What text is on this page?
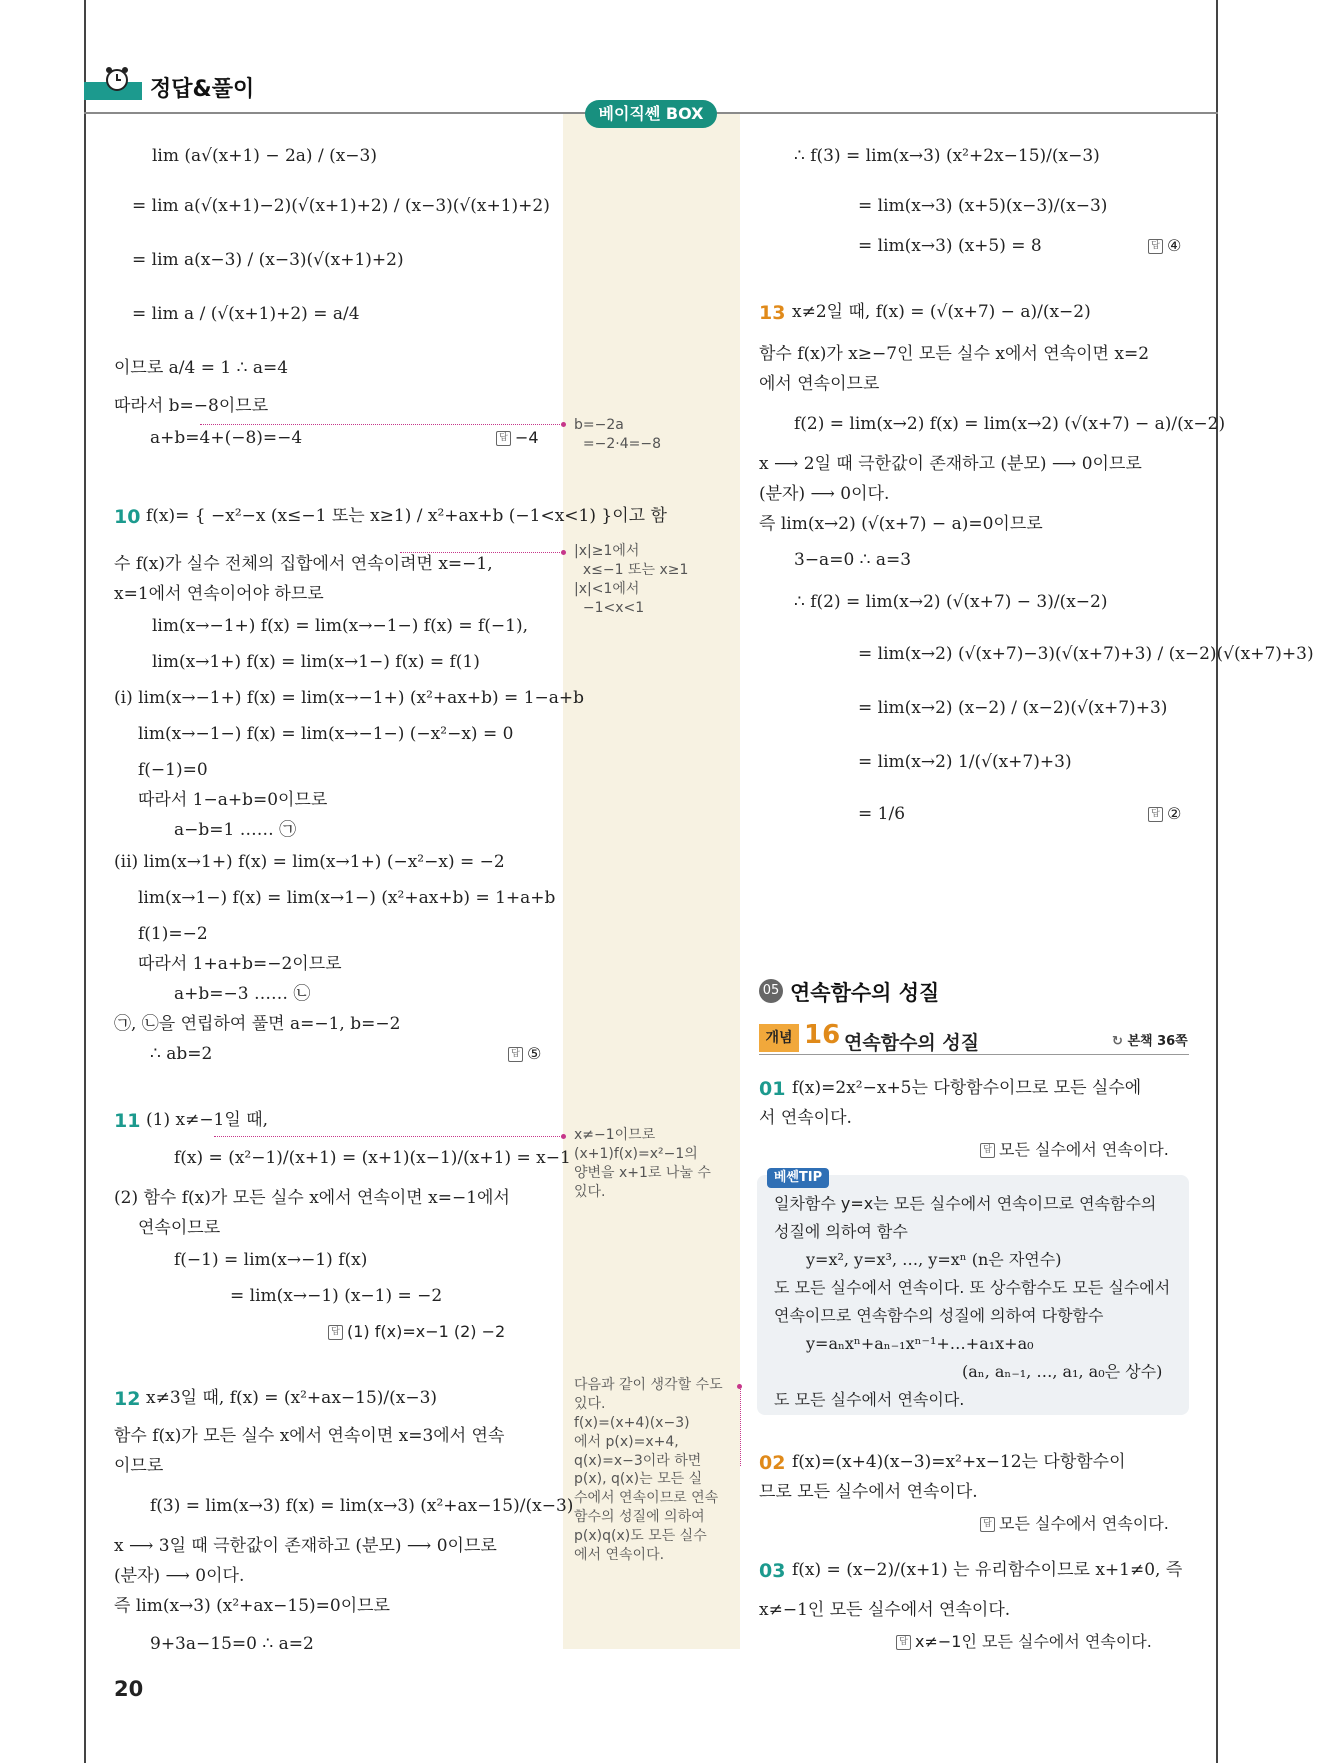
정답&풀이
베이직쎈 BOX
lim (a√(x+1) − 2a) / (x−3)
= lim a(√(x+1)−2)(√(x+1)+2) / (x−3)(√(x+1)+2)
= lim a(x−3) / (x−3)(√(x+1)+2)
= lim a / (√(x+1)+2) = a/4
이므로 a/4 = 1 ∴ a=4
따라서 b=−8이므로
a+b=4+(−8)=−4	답 −4
10 f(x)= { −x²−x (x≤−1 또는 x≥1) / x²+ax+b (−1<x<1) }이고 함
수 f(x)가 실수 전체의 집합에서 연속이려면 x=−1,
x=1에서 연속이어야 하므로
lim(x→−1+) f(x) = lim(x→−1−) f(x) = f(−1),
lim(x→1+) f(x) = lim(x→1−) f(x) = f(1)
(i) lim(x→−1+) f(x) = lim(x→−1+) (x²+ax+b) = 1−a+b
lim(x→−1−) f(x) = lim(x→−1−) (−x²−x) = 0
f(−1)=0
따라서 1−a+b=0이므로
a−b=1 …… ㉠
(ii) lim(x→1+) f(x) = lim(x→1+) (−x²−x) = −2
lim(x→1−) f(x) = lim(x→1−) (x²+ax+b) = 1+a+b
f(1)=−2
따라서 1+a+b=−2이므로
a+b=−3 …… ㉡
㉠, ㉡을 연립하여 풀면 a=−1, b=−2
∴ ab=2	답 ⑤
11 (1) x≠−1일 때,
f(x) = (x²−1)/(x+1) = (x+1)(x−1)/(x+1) = x−1
(2) 함수 f(x)가 모든 실수 x에서 연속이면 x=−1에서
연속이므로
f(−1) = lim(x→−1) f(x)
= lim(x→−1) (x−1) = −2
답 (1) f(x)=x−1 (2) −2
12 x≠3일 때, f(x) = (x²+ax−15)/(x−3)
함수 f(x)가 모든 실수 x에서 연속이면 x=3에서 연속
이므로
f(3) = lim(x→3) f(x) = lim(x→3) (x²+ax−15)/(x−3)
x ⟶ 3일 때 극한값이 존재하고 (분모) ⟶ 0이므로
(분자) ⟶ 0이다.
즉 lim(x→3) (x²+ax−15)=0이므로
9+3a−15=0 ∴ a=2
b=−2a
=−2·4=−8
|x|≥1에서
x≤−1 또는 x≥1
|x|<1에서
−1<x<1
x≠−1이므로
(x+1)f(x)=x²−1의
양변을 x+1로 나눌 수
있다.
다음과 같이 생각할 수도
있다.
f(x)=(x+4)(x−3)
에서 p(x)=x+4,
q(x)=x−3이라 하면
p(x), q(x)는 모든 실
수에서 연속이므로 연속
함수의 성질에 의하여
p(x)q(x)도 모든 실수
에서 연속이다.
∴ f(3) = lim(x→3) (x²+2x−15)/(x−3)
= lim(x→3) (x+5)(x−3)/(x−3)
= lim(x→3) (x+5) = 8	답 ④
13 x≠2일 때, f(x) = (√(x+7) − a)/(x−2)
함수 f(x)가 x≥−7인 모든 실수 x에서 연속이면 x=2
에서 연속이므로
f(2) = lim(x→2) f(x) = lim(x→2) (√(x+7) − a)/(x−2)
x ⟶ 2일 때 극한값이 존재하고 (분모) ⟶ 0이므로
(분자) ⟶ 0이다.
즉 lim(x→2) (√(x+7) − a)=0이므로
3−a=0 ∴ a=3
∴ f(2) = lim(x→2) (√(x+7) − 3)/(x−2)
= lim(x→2) (√(x+7)−3)(√(x+7)+3) / (x−2)(√(x+7)+3)
= lim(x→2) (x−2) / (x−2)(√(x+7)+3)
= lim(x→2) 1/(√(x+7)+3)
= 1/6	답 ②
05 연속함수의 성질
개념 16 연속함수의 성질	↻ 본책 36쪽
01 f(x)=2x²−x+5는 다항함수이므로 모든 실수에
서 연속이다.
답 모든 실수에서 연속이다.
베쎈TIP
일차함수 y=x는 모든 실수에서 연속이므로 연속함수의
성질에 의하여 함수
y=x², y=x³, …, y=xⁿ (n은 자연수)
도 모든 실수에서 연속이다. 또 상수함수도 모든 실수에서
연속이므로 연속함수의 성질에 의하여 다항함수
y=aₙxⁿ+aₙ₋₁xⁿ⁻¹+…+a₁x+a₀
(aₙ, aₙ₋₁, …, a₁, a₀은 상수)
도 모든 실수에서 연속이다.
02 f(x)=(x+4)(x−3)=x²+x−12는 다항함수이
므로 모든 실수에서 연속이다.
답 모든 실수에서 연속이다.
03 f(x) = (x−2)/(x+1) 는 유리함수이므로 x+1≠0, 즉
x≠−1인 모든 실수에서 연속이다.
답 x≠−1인 모든 실수에서 연속이다.
20
